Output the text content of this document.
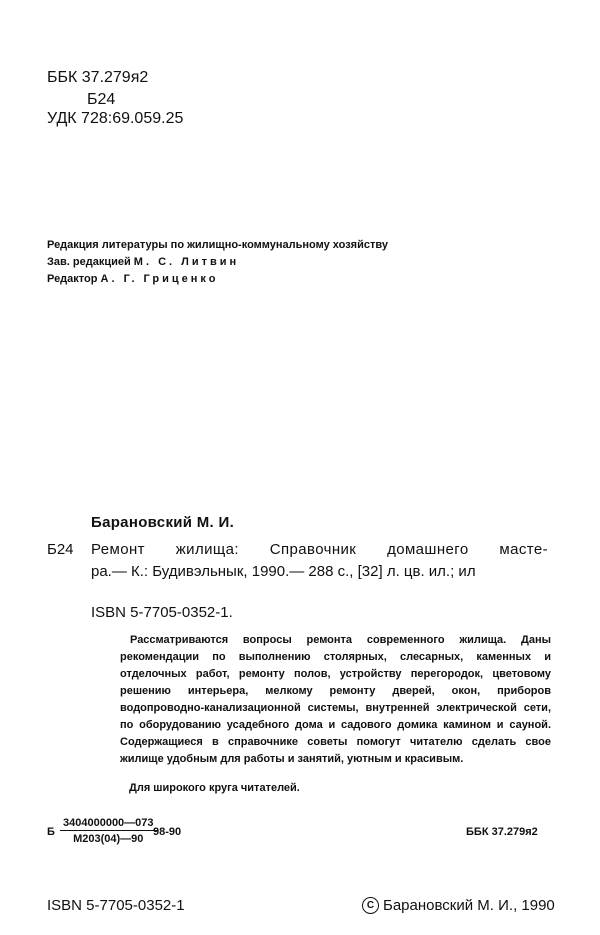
ББК 37.279я2
Б24
УДК 728:69.059.25
Редакция литературы по жилищно-коммунальному хозяйству
Зав. редакцией М. С. Литвин
Редактор А. Г. Гриценко
Барановский М. И.
Б24 Ремонт жилища: Справочник домашнего масте-
ра.— К.: Будивэльнык, 1990.— 288 с., [32] л. цв. ил.; ил
ISBN 5-7705-0352-1.
Рассматриваются вопросы ремонта современного жилища. Даны рекомендации по выполнению столярных, слесарных, каменных и отделочных работ, ремонту полов, устройству перегородок, цветовому решению интерьера, мелкому ремонту дверей, окон, приборов водопроводно-канализационной системы, внутренней электрической сети, по оборудованию усадебного дома и садового домика камином и сауной. Содержащиеся в справочнике советы помогут читателю сделать свое жилище удобным для работы и занятий, уютным и красивым.
Для широкого круга читателей.
Б
3404000000—073
М203(04)—90
98-90	ББК 37.279я2
ISBN 5-7705-0352-1	C Барановский М. И., 1990
